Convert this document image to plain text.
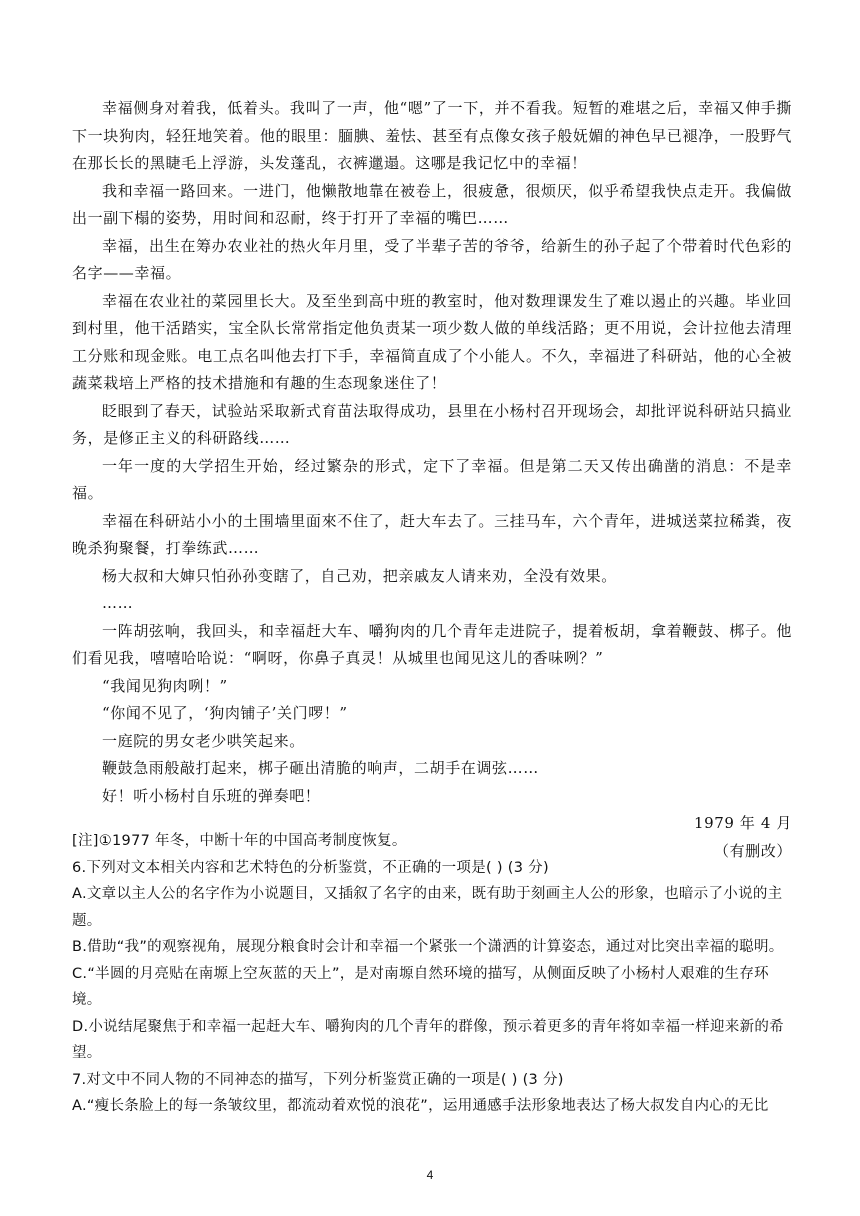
幸福侧身对着我，低着头。我叫了一声，他“嗯”了一下，并不看我。短暂的难堪之后，幸福又伸手撕下一块狗肉，轻狂地笑着。他的眼里：腼腆、羞怯、甚至有点像女孩子般妩媚的神色早已褪净，一股野气在那长长的黑睫毛上浮游，头发蓬乱，衣裤邋遢。这哪是我记忆中的幸福！

我和幸福一路回来。一进门，他懒散地靠在被卷上，很疲惫，很烦厌，似乎希望我快点走开。我偏做出一副下榻的姿势，用时间和忍耐，终于打开了幸福的嘴巴……

幸福，出生在筹办农业社的热火年月里，受了半辈子苦的爷爷，给新生的孙子起了个带着时代色彩的名字——幸福。

幸福在农业社的菜园里长大。及至坐到高中班的教室时，他对数理课发生了难以遏止的兴趣。毕业回到村里，他干活踏实，宝全队长常常指定他负责某一项少数人做的单线活路；更不用说，会计拉他去清理工分账和现金账。电工点名叫他去打下手，幸福简直成了个小能人。不久，幸福进了科研站，他的心全被蔬菜栽培上严格的技术措施和有趣的生态现象迷住了！

眨眼到了春天，试验站采取新式育苗法取得成功，县里在小杨村召开现场会，却批评说科研站只搞业务，是修正主义的科研路线……

一年一度的大学招生开始，经过繁杂的形式，定下了幸福。但是第二天又传出确凿的消息：不是幸福。

幸福在科研站小小的土围墙里面來不住了，赶大车去了。三挂马车，六个青年，进城送菜拉稀粪，夜晚杀狗聚餐，打拳练武……

杨大叔和大婶只怕孙孙变瞎了，自己劝，把亲戚友人请来劝，全没有效果。

……

一阵胡弦响，我回头，和幸福赶大车、嚼狗肉的几个青年走进院子，提着板胡，拿着鞭鼓、梆子。他们看见我，嘻嘻哈哈说：“啊呀，你鼻子真灵！从城里也闻见这儿的香味咧？”

“我闻见狗肉咧！”

“你闻不见了，‘狗肉铺子’关门啰！”

一庭院的男女老少哄笑起来。

鞭鼓急雨般敲打起来，梆子砸出清脆的响声，二胡手在调弦……

好！听小杨村自乐班的弹奏吧！

1979 年 4 月

（有删改）

[注]①1977 年冬，中断十年的中国高考制度恢复。

6.下列对文本相关内容和艺术特色的分析鉴赏，不正确的一项是( ) (3 分)

A.文章以主人公的名字作为小说题目，又插叙了名字的由来，既有助于刻画主人公的形象，也暗示了小说的主题。

B.借助“我”的观察视角，展现分粮食时会计和幸福一个紧张一个潇洒的计算姿态，通过对比突出幸福的聪明。

C.“半圆的月亮贴在南塬上空灰蓝的天上”，是对南塬自然环境的描写，从侧面反映了小杨村人艰难的生存环境。

D.小说结尾聚焦于和幸福一起赶大车、嚼狗肉的几个青年的群像，预示着更多的青年将如幸福一样迎来新的希望。

7.对文中不同人物的不同神态的描写，下列分析鉴赏正确的一项是( ) (3 分)

A.“瘦长条脸上的每一条皱纹里，都流动着欢悦的浪花”，运用通感手法形象地表达了杨大叔发自内心的无比

4
